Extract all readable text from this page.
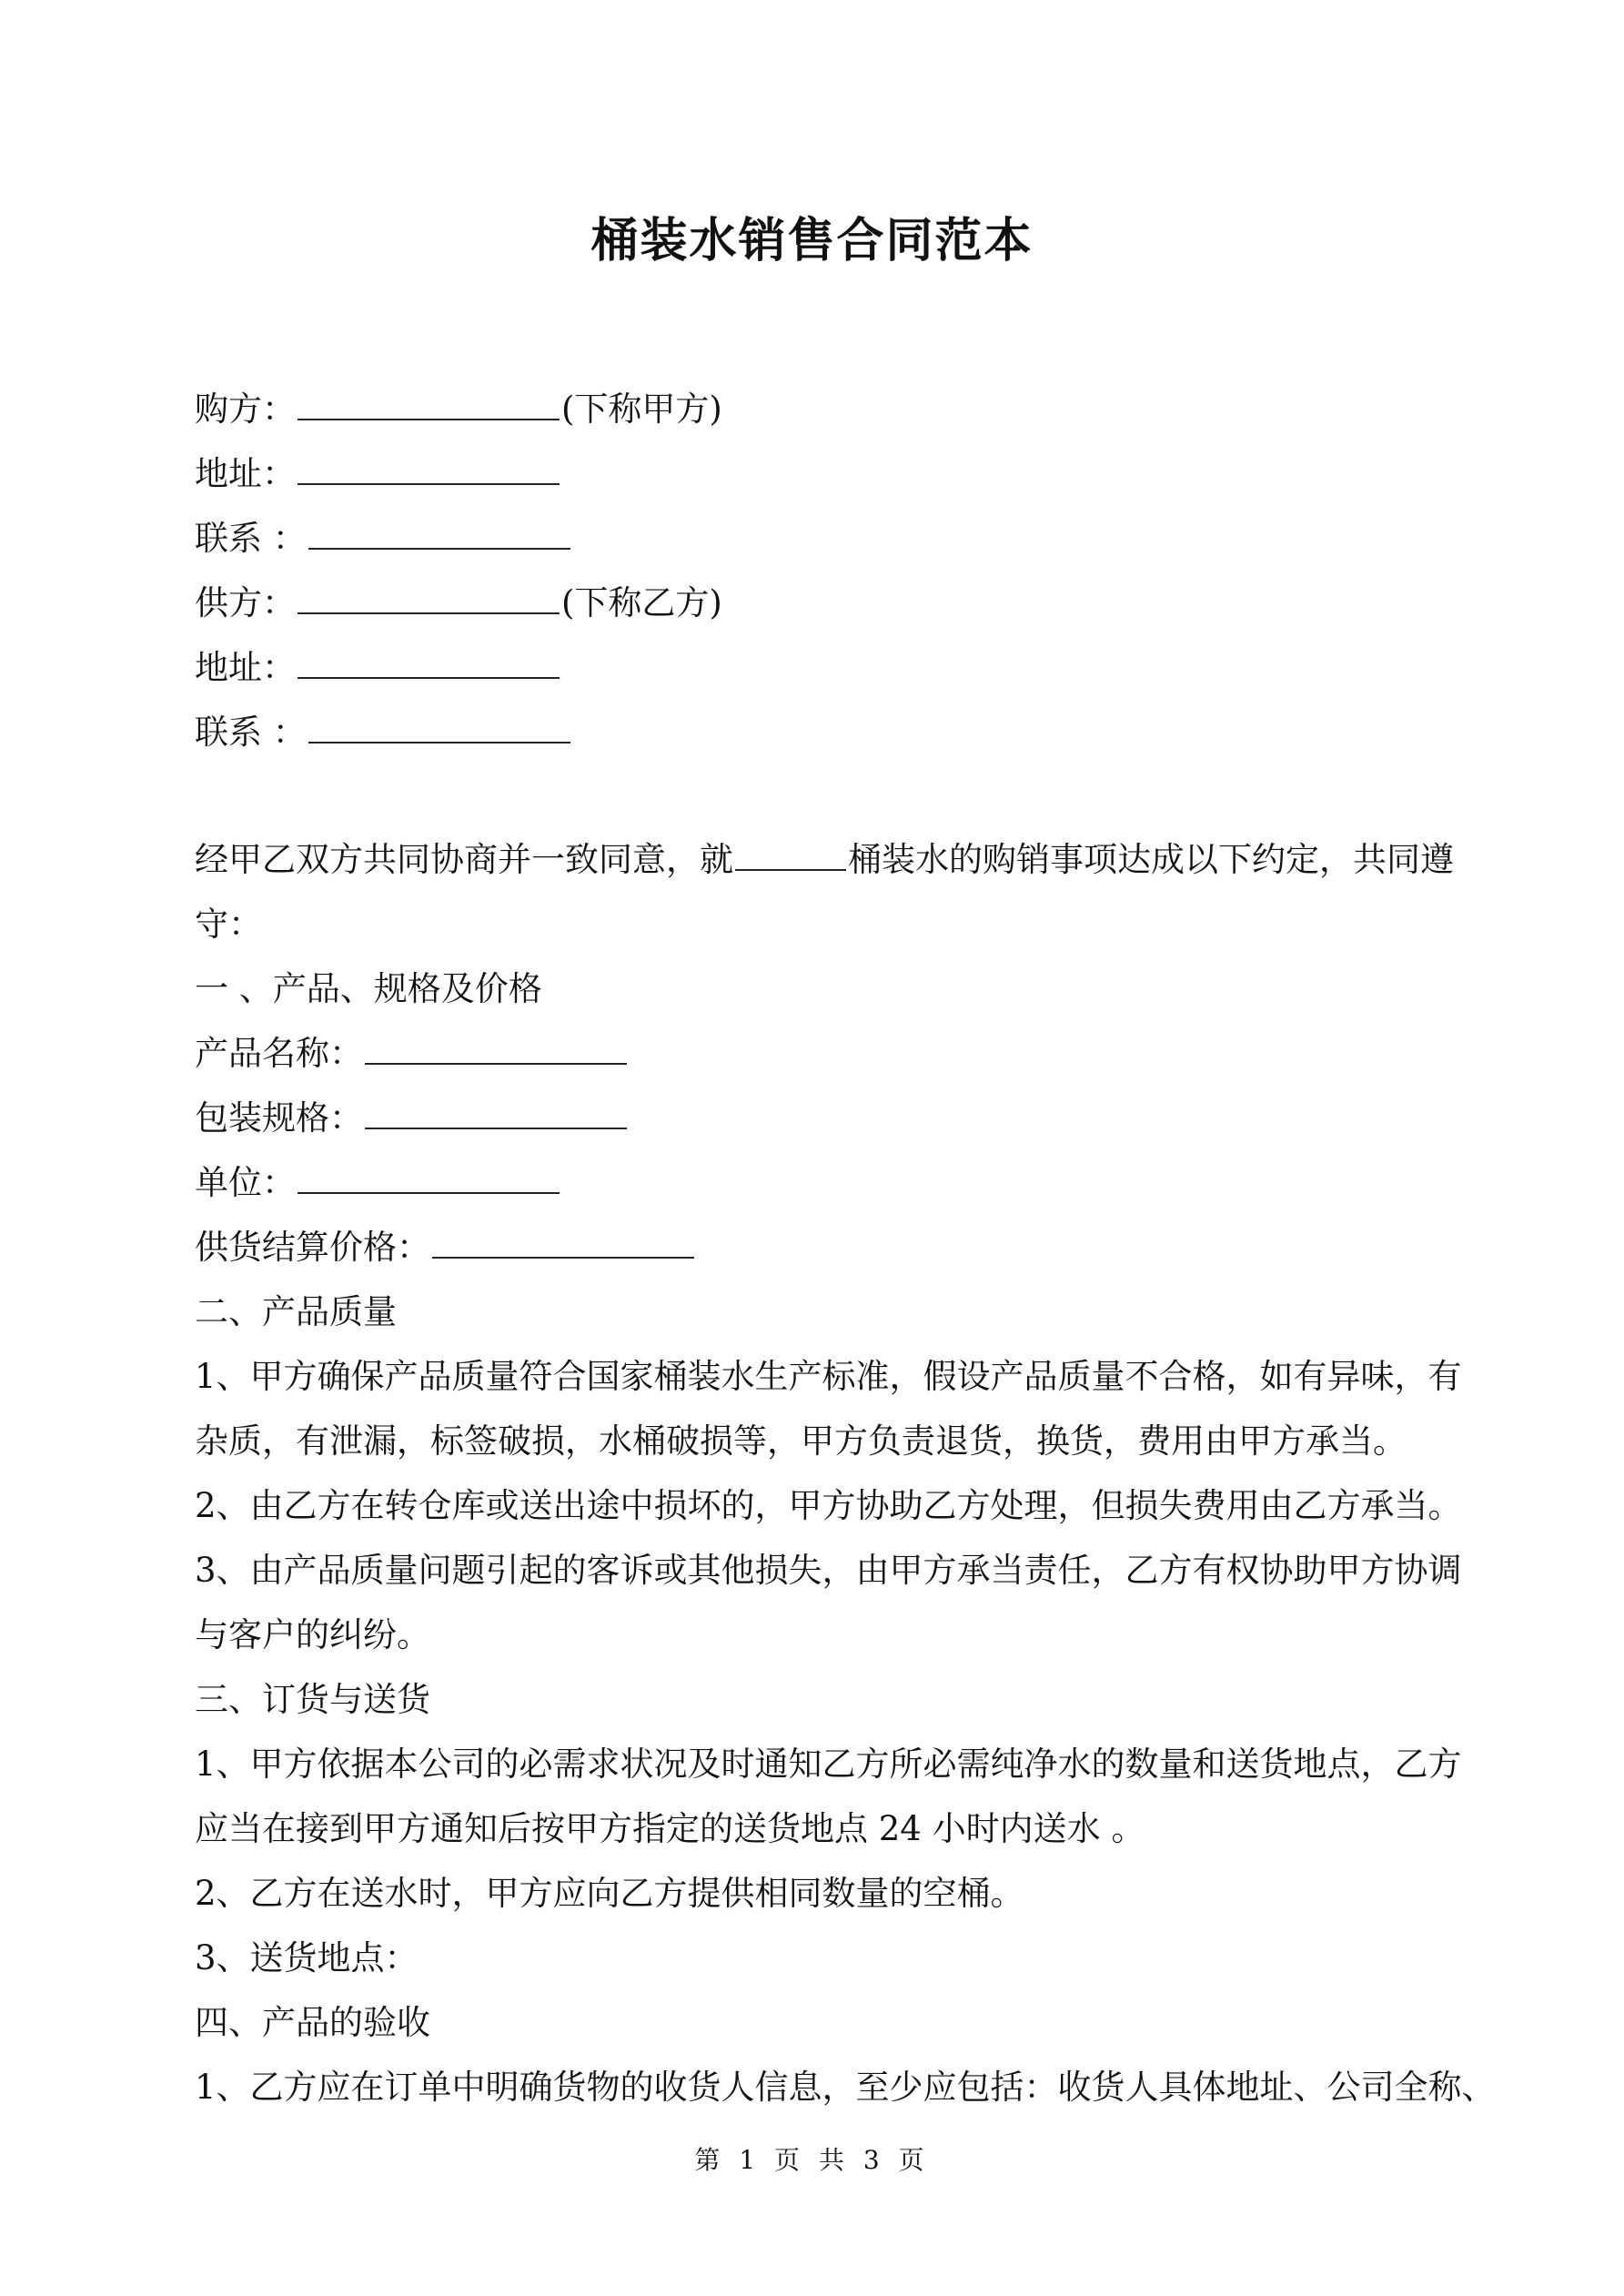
桶装水销售合同范本
购方：	(下称甲方)
地址：
联系 ：
供方：	(下称乙方)
地址：
联系 ：
经甲乙双方共同协商并一致同意，就	桶装水的购销事项达成以下约定，共同遵
守：
一 、产品、规格及价格
产品名称：
包装规格：
单位：
供货结算价格：
二、产品质量
1、甲方确保产品质量符合国家桶装水生产标准，假设产品质量不合格，如有异味，有
杂质，有泄漏，标签破损，水桶破损等，甲方负责退货，换货，费用由甲方承当。
2、由乙方在转仓库或送出途中损坏的，甲方协助乙方处理，但损失费用由乙方承当。
3、由产品质量问题引起的客诉或其他损失，由甲方承当责任，乙方有权协助甲方协调
与客户的纠纷。
三、订货与送货
1、甲方依据本公司的必需求状况及时通知乙方所必需纯净水的数量和送货地点，乙方
应当在接到甲方通知后按甲方指定的送货地点 24 小时内送水 。
2、乙方在送水时，甲方应向乙方提供相同数量的空桶。
3、送货地点：
四、产品的验收
1、乙方应在订单中明确货物的收货人信息，至少应包括：收货人具体地址、公司全称、
第 1 页 共 3 页
